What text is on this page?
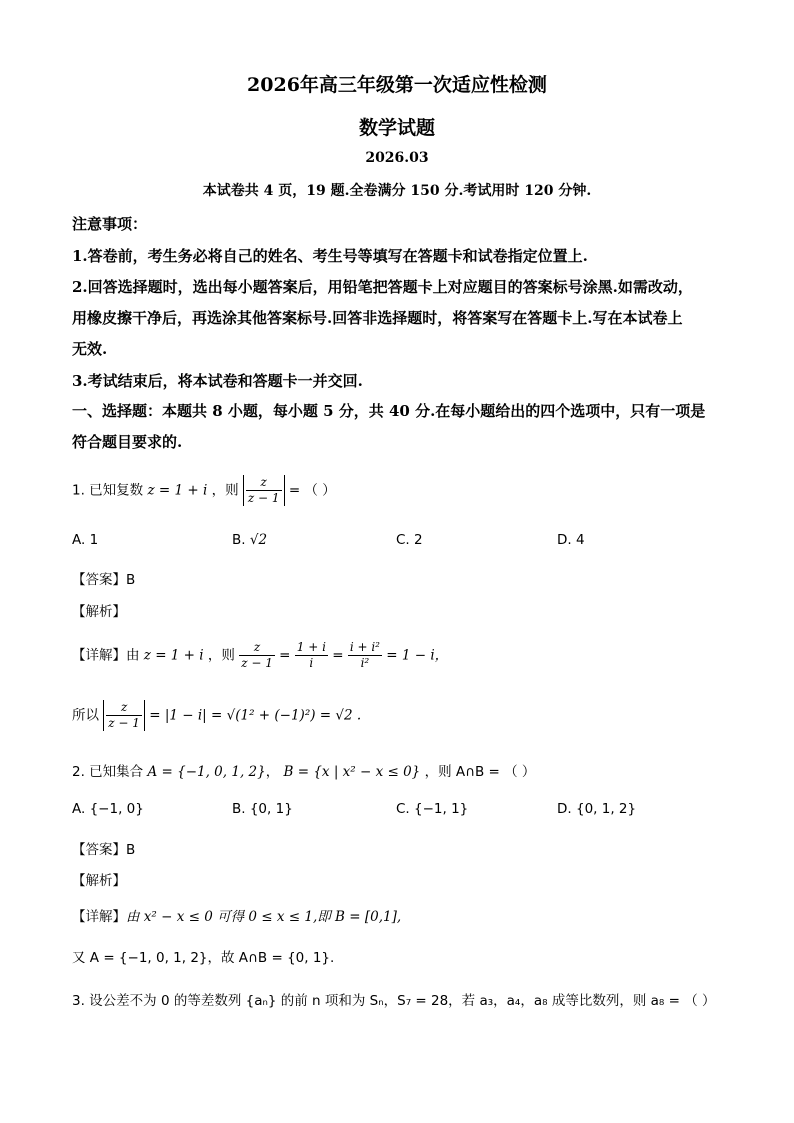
2026年高三年级第一次适应性检测
数学试题
2026.03
本试卷共 4 页，19 题.全卷满分 150 分.考试用时 120 分钟.
注意事项：
1.答卷前，考生务必将自己的姓名、考生号等填写在答题卡和试卷指定位置上.
2.回答选择题时，选出每小题答案后，用铅笔把答题卡上对应题目的答案标号涂黑.如需改动，
用橡皮擦干净后，再选涂其他答案标号.回答非选择题时，将答案写在答题卡上.写在本试卷上
无效.
3.考试结束后，将本试卷和答题卡一并交回.
一、选择题：本题共 8 小题，每小题 5 分，共 40 分.在每小题给出的四个选项中，只有一项是
符合题目要求的.
1. 已知复数 z = 1 + i ，则 $\frac{z}{z - 1}$ = （ ）
A. 1	B. √2	C. 2	D. 4
【答案】B
【解析】
【详解】由 z = 1 + i ，则 $\frac{z}{z - 1} = \frac{1 + i}{i} = \frac{\text{i + i²}}{\text{i²}} = 1 - i$，
所以 $\frac{z}{z - 1} = |1 - i| = √(1^2 + (-1)^2) = √2$ .
2. 已知集合 A = {−1, 0, 1, 2}， B = {x | x² − x ≤ 0} ，则 A∩B = （ ）
A. {−1, 0}	B. {0, 1}	C. {−1, 1}	D. {0, 1, 2}
【答案】B
【解析】
【详解】由 x² − x ≤ 0 可得 0 ≤ x ≤ 1,即 B = [0,1],
又 A = {−1, 0, 1, 2}，故 A∩B = {0, 1}.
3. 设公差不为 0 的等差数列 {aₙ} 的前 n 项和为 Sₙ，S₇ = 28，若 a₃，a₄，a₈ 成等比数列，则 a₈ = （ ）
